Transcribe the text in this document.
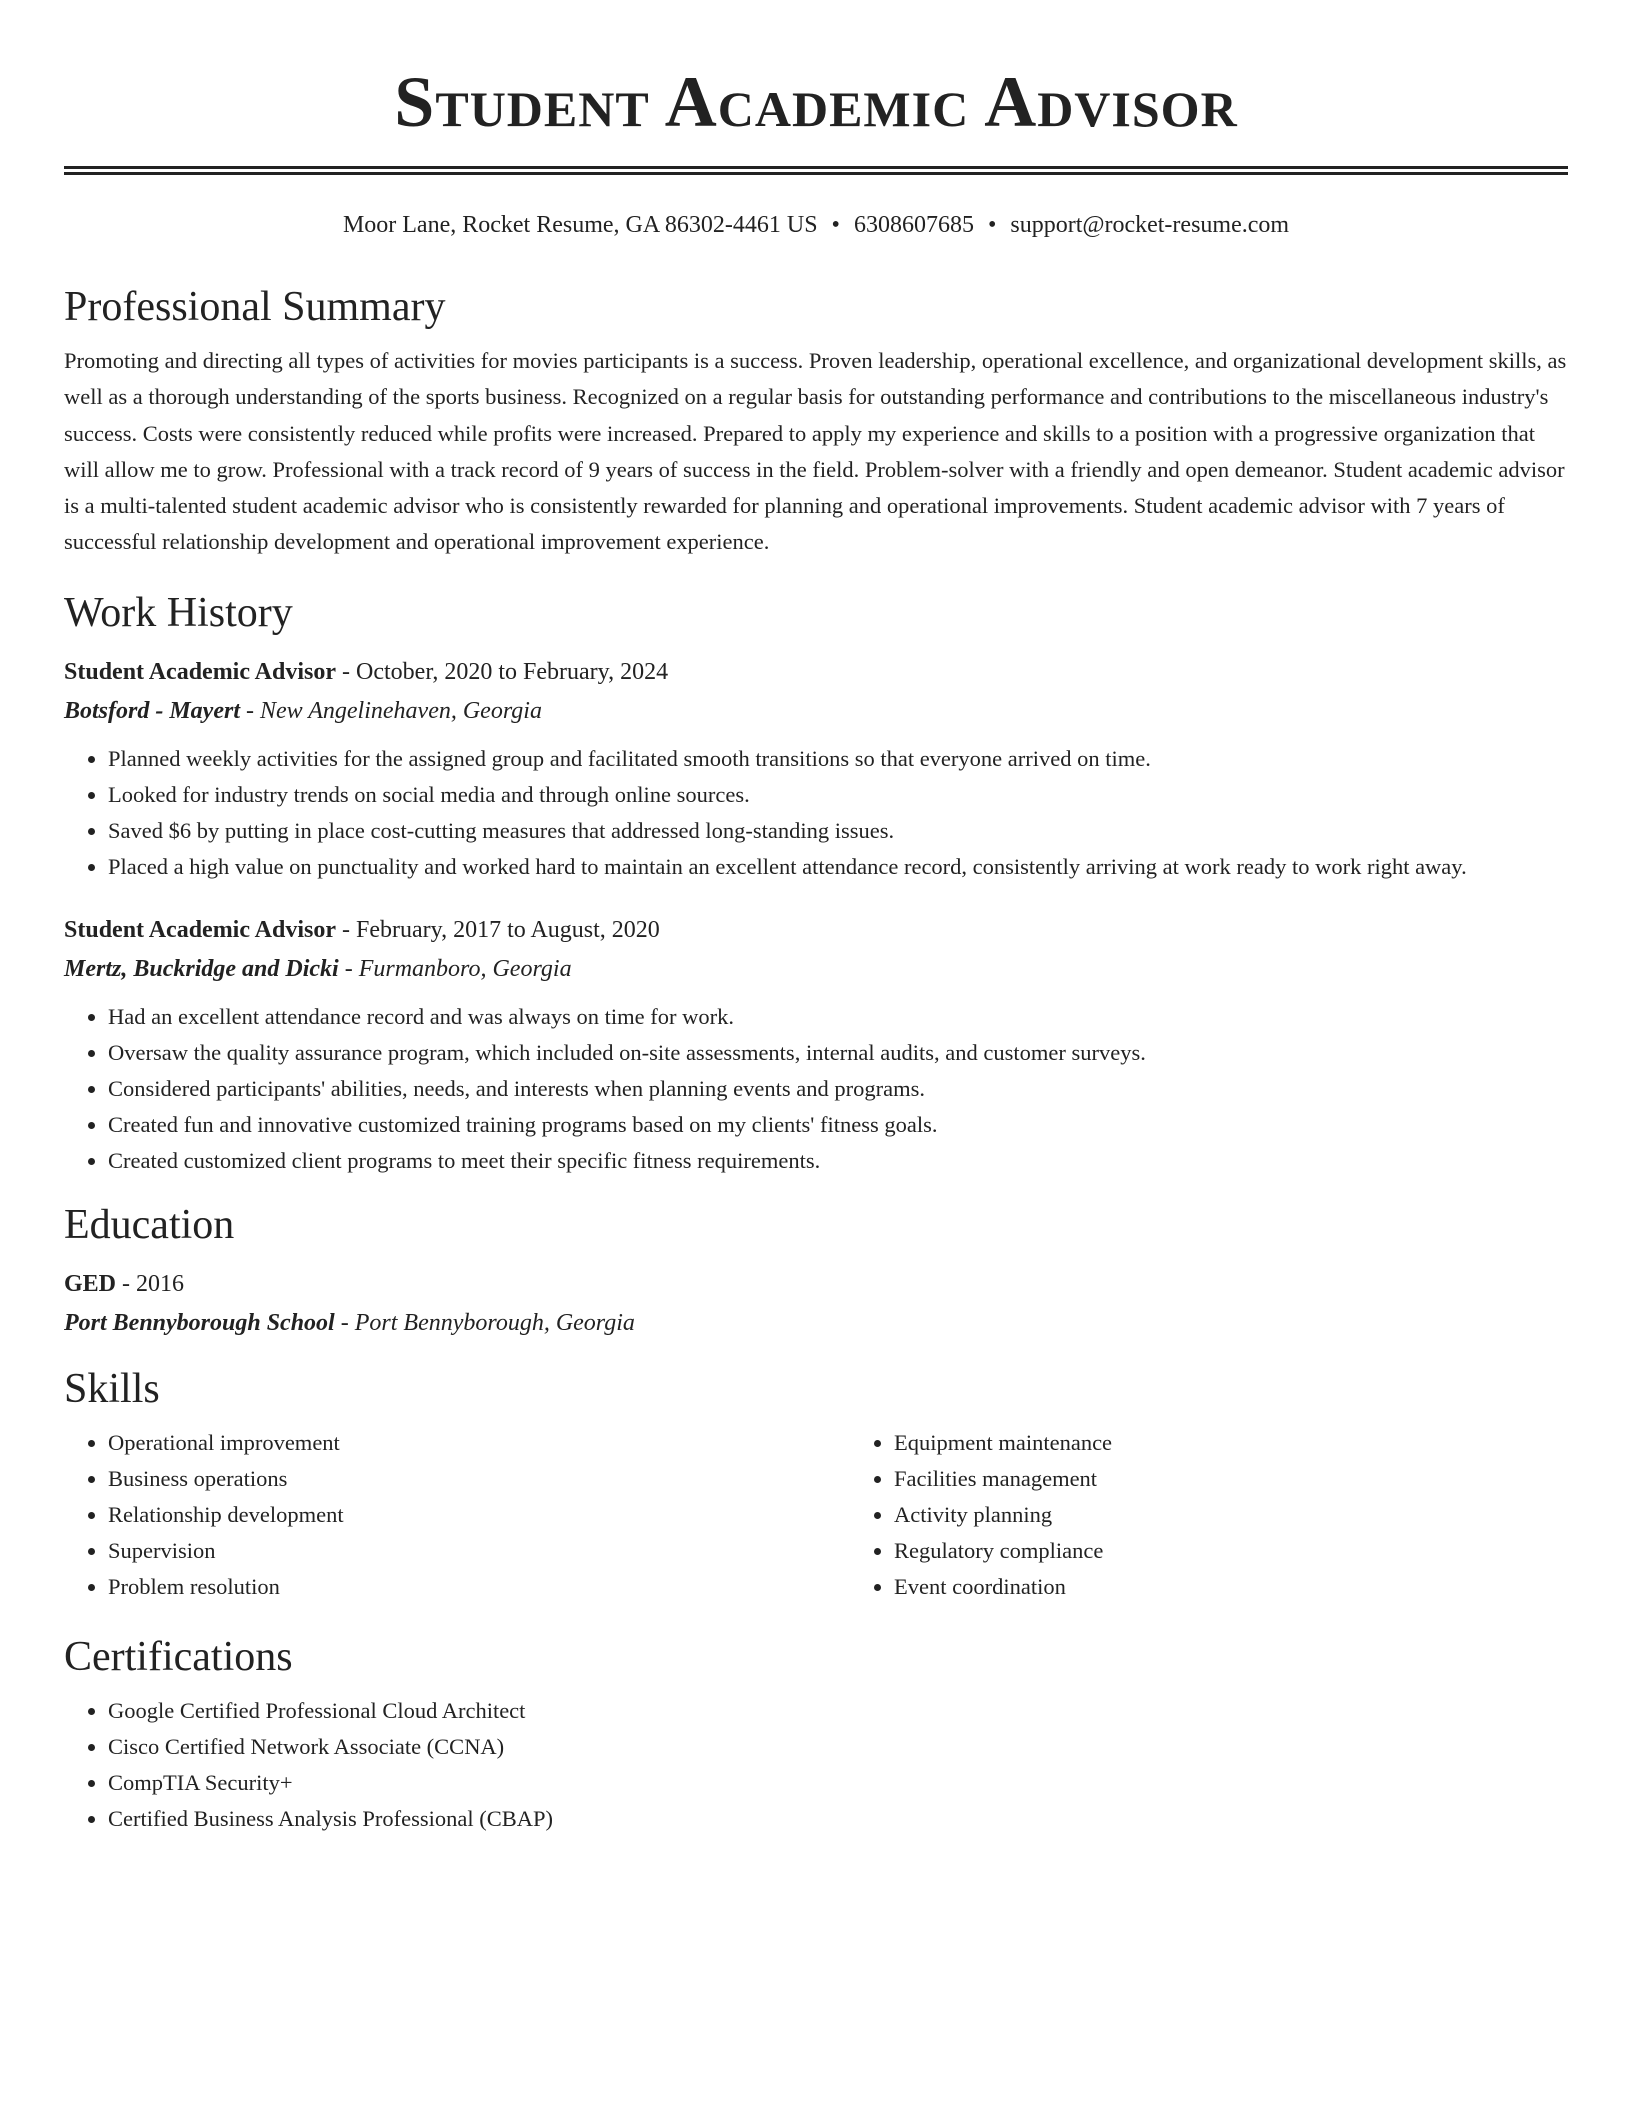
Student Academic Advisor
Moor Lane, Rocket Resume, GA 86302-4461 US • 6308607685 • support@rocket-resume.com
Professional Summary

Promoting and directing all types of activities for movies participants is a success. Proven leadership, operational excellence, and organizational development skills, as well as a thorough understanding of the sports business. Recognized on a regular basis for outstanding performance and contributions to the miscellaneous industry's success. Costs were consistently reduced while profits were increased. Prepared to apply my experience and skills to a position with a progressive organization that will allow me to grow. Professional with a track record of 9 years of success in the field. Problem-solver with a friendly and open demeanor. Student academic advisor is a multi-talented student academic advisor who is consistently rewarded for planning and operational improvements. Student academic advisor with 7 years of successful relationship development and operational improvement experience.

Work History
Student Academic Advisor - October, 2020 to February, 2024
Botsford - Mayert - New Angelinehaven, Georgia
• Planned weekly activities for the assigned group and facilitated smooth transitions so that everyone arrived on time.
• Looked for industry trends on social media and through online sources.
• Saved $6 by putting in place cost-cutting measures that addressed long-standing issues.
• Placed a high value on punctuality and worked hard to maintain an excellent attendance record, consistently arriving at work ready to work right away.
Student Academic Advisor - February, 2017 to August, 2020
Mertz, Buckridge and Dicki - Furmanboro, Georgia
• Had an excellent attendance record and was always on time for work.
• Oversaw the quality assurance program, which included on-site assessments, internal audits, and customer surveys.
• Considered participants' abilities, needs, and interests when planning events and programs.
• Created fun and innovative customized training programs based on my clients' fitness goals.
• Created customized client programs to meet their specific fitness requirements.
Education
GED - 2016
Port Bennyborough School - Port Bennyborough, Georgia
Skills
• Operational improvement
• Business operations
• Relationship development
• Supervision
• Problem resolution
• Equipment maintenance
• Facilities management
• Activity planning
• Regulatory compliance
• Event coordination
Certifications
• Google Certified Professional Cloud Architect
• Cisco Certified Network Associate (CCNA)
• CompTIA Security+
• Certified Business Analysis Professional (CBAP)
